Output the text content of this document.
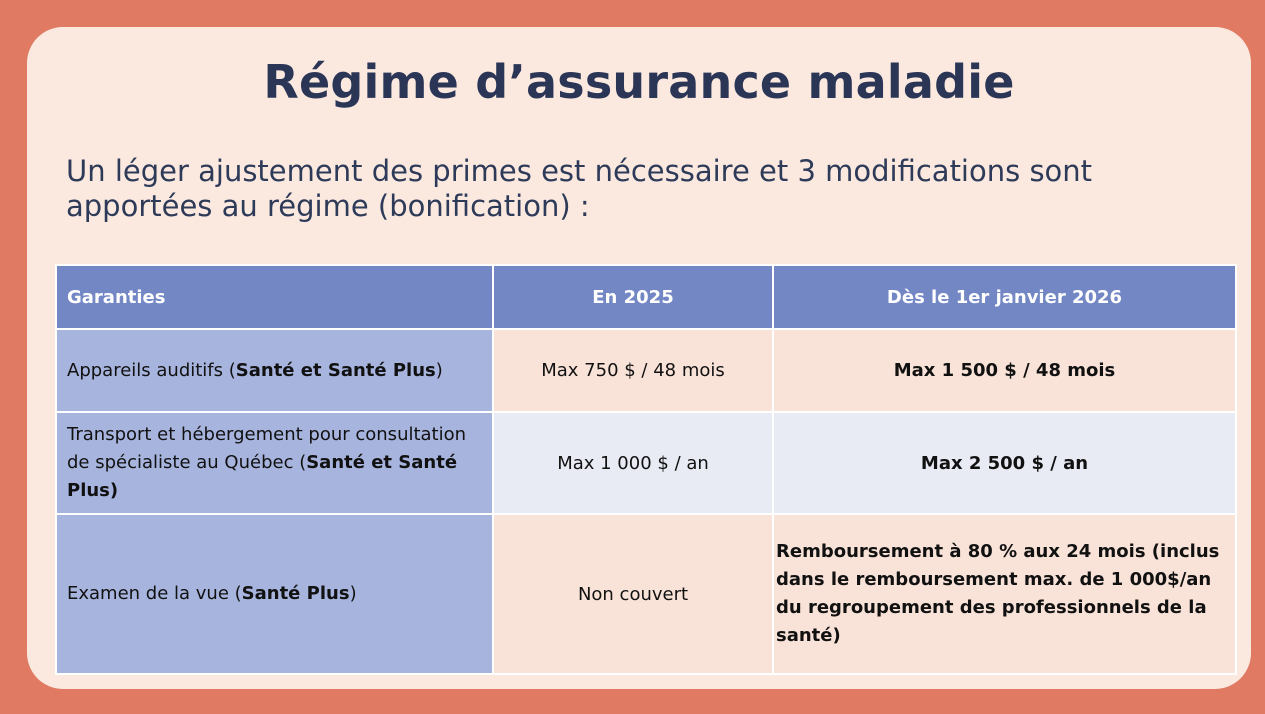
Régime d’assurance maladie

Un léger ajustement des primes est nécessaire et 3 modifications sont apportées au régime (bonification) :

Garanties	En 2025	Dès le 1er janvier 2026
Appareils auditifs (Santé et Santé Plus)	Max 750 $ / 48 mois	Max 1 500 $ / 48 mois
Transport et hébergement pour consultation de spécialiste au Québec (Santé et Santé Plus)	Max 1 000 $ / an	Max 2 500 $ / an
Examen de la vue (Santé Plus)	Non couvert	Remboursement à 80 % aux 24 mois (inclus dans le remboursement max. de 1 000$/an du regroupement des professionnels de la santé)
